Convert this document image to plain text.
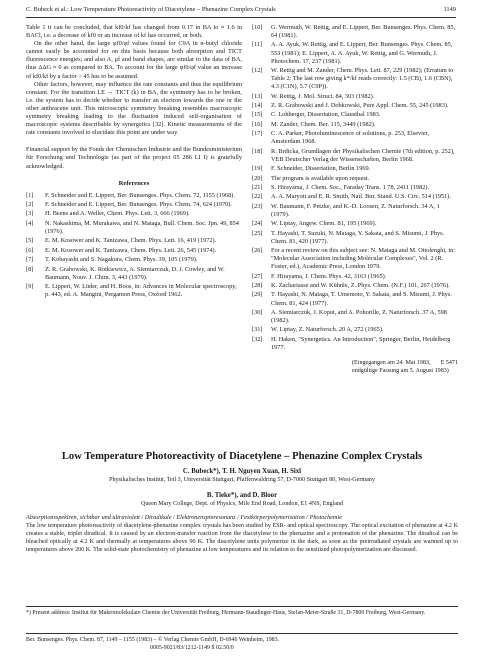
C. Bubeck et al.: Low Temperature Photoreactivity of Diacetylene – Phenazine Complex Crystals	1149

Table 1 it can be concluded, that kf0/kf has changed from 0.17 in BA to ≈ 1.6 in BACl, i.e. a decrease of kf0 or an increase of kf has occurred, or both.

On the other hand, the large φf0/φf values found for C9A in n-butyl chloride cannot easily be accounted for on this basis because both absorption and TICT fluorescence energies; and also A, μf and band shapes, are similar to the data of BA, thus ΔΔG ≈ 0 as compared to BA. To account for the large φf0/φf value an increase of kf0/kf by a factor > 45 has to be assumed.

Other factors, however, may influence the rate constants and thus the equilibrium constant. For the transition LE → TICT (k) in BA, the symmetry has to be broken, i.e. the system has to decide whether to transfer an electron towards the one or the other anthracene unit. This microscopic symmetry breaking resembles macroscopic symmetry breaking leading to the fluctuation induced self-organisation of macroscopic systems describable by synergetics [32]. Kinetic measurements of the rate constants involved to elucidate this point are under way.

Financial support by the Fonds der Chemischen Industrie and the Bundesministerium für Forschung und Technologie (as part of the project 05 286 LI I) is gratefully acknowledged.

References
[1] F. Schneider and E. Lippert, Ber. Bunsenges. Phys. Chem. 72, 1155 (1968).
[2] F. Schneider and E. Lippert, Ber. Bunsenges. Phys. Chem. 74, 624 (1970).
[3] H. Beens and A. Weller, Chem. Phys. Lett. 3, 666 (1969).
[4] N. Nakashima, M. Murakawa, and N. Mataga, Bull. Chem. Soc. Jpn. 49, 854 (1976).
[5] E. M. Kosower and K. Tanizawa, Chem. Phys. Lett. 16, 419 (1972).
[6] E. M. Kosower and K. Tanizawa, Chem. Phys. Lett. 26, 545 (1974).
[7] T. Kobayashi and S. Nagakura, Chem. Phys. 39, 105 (1979).
[8] Z. R. Grabowski, K. Rotkiewicz, A. Siemiarczuk, D. J. Cowley, and W. Baumann, Nouv. J. Chim. 3, 443 (1979).
[9] E. Lippert, W. Lüder, and H. Boos, in: Advances in Molecular spectroscopy, p. 443, ed. A. Mangini, Pergamon Press, Oxford 1962.
[10] G. Wermuth, W. Rettig, and E. Lippert, Ber. Bunsenges. Phys. Chem. 85, 64 (1981).
[11] A. A. Ayuk, W. Rettig, and E. Lippert, Ber. Bunsenges. Phys. Chem. 85, 553 (1981); E. Lippert, A. A. Ayuk, W. Rettig, and G. Wermuth, J. Photochem. 17, 237 (1981).
[12] W. Rettig and M. Zander, Chem. Phys. Lett. 87, 229 (1982); (Erratum to Table 2: The last row giving k*/kf reads correctly: 1.5 (CB), 1.6 (CBN), 4.3 (C1N), 5.7 (C9P)).
[13] W. Rettig, J. Mol. Struct. 84, 303 (1982).
[14] Z. R. Grabowski and J. Dobkowski, Pure Appl. Chem. 55, 245 (1983).
[15] C. Lohberger, Dissertation, Clausthal 1983.
[16] M. Zander, Chem. Ber. 115, 3449 (1982).
[17] C. A. Parker, Photoluminescence of solutions, p. 253, Elsevier, Amsterdam 1968.
[18] R. Brdicka, Grundlagen der Physikalischen Chemie (7th edition, p. 252), VEB Deutscher Verlag der Wissenschaften, Berlin 1968.
[19] F. Schneider, Dissertation, Berlin 1969.
[20] The program is available upon request.
[21] S. Hirayama, J. Chem. Soc., Faraday Trans. 1 78, 2411 (1982).
[22] A. A. Maryott and E. R. Smith, Natl. Bur. Stand. U.S. Circ. 514 (1951).
[23] W. Baumann, F. Petzke, and K.-D. Loosen, Z. Naturforsch. 34 A, 1 (1979).
[24] W. Liptay, Angew. Chem. 81, 195 (1969).
[25] T. Hayashi, T. Suzuki, N. Mataga, Y. Sakata, and S. Misumi, J. Phys. Chem. 81, 420 (1977).
[26] For a recent review on this subject see: N. Mataga and M. Ottolenghi, in: "Molecular Association including Molecular Complexes", Vol. 2 (R. Foster, ed.), Academic Press, London 1979.
[27] F. Hirayama, J. Chem. Phys. 42, 3163 (1965).
[28] K. Zachariasse and W. Kühnle, Z. Phys. Chem. (N.F.) 101, 267 (1976).
[29] T. Hayashi, N. Mataga, T. Umemoto, Y. Sakata, and S. Misumi, J. Phys. Chem. 81, 424 (1977).
[30] A. Siemiarczuk, J. Koput, and A. Pohorille, Z. Naturforsch. 37 A, 598 (1982).
[31] W. Liptay, Z. Naturforsch. 20 A, 272 (1965).
[32] H. Haken, "Synergetics. An Introduction", Springer, Berlin, Heidelberg 1977.
(Eingegangen am 24. Mai 1983,
endgültige Fassung am 5. August 1983)
E 5471
Low Temperature Photoreactivity of Diacetylene – Phenazine Complex Crystals
C. Bubeck*), T. H. Nguyen Xuan, H. Sixl
Physikalisches Institut, Teil 3, Universität Stuttgart, Pfaffenwaldring 57, D-7000 Stuttgart 80, West-Germany
B. Tieke*), and D. Bloor
Queen Mary College, Dept. of Physics, Mile End Road, London, E1 4NS, England
Absorptionsspektren, sichtbar und ultraviolett / Diradikale / Elektronenspinresonanz / Festkörperpolymerisation / Photochemie
The low temperature photoreactivity of diacetylene-phenazine complex crystals has been studied by ESR- and optical spectroscopy. The optical excitation of phenazine at 4.2 K creates a stable, triplet diradical. It is caused by an electron-transfer reaction from the diacetylene to the phenazine and a protonation of the phenazine. The diradical can be bleached optically at 4.2 K and thermally at temperatures above 90 K. The diacetylene units polymerize in the dark, as soon as the preirradiated crystals are warmed up to temperatures above 200 K. The solid-state photochemistry of phenazine at low temperatures and its relation to the sensitized photopolymerization are discussed.
*) Present address: Institut für Makromolekulare Chemie der Universität Freiburg, Hermann-Staudinger-Haus, Stefan-Meier-Straße 31, D-7800 Freiburg, West-Germany.
Ber. Bunsenges. Phys. Chem. 87, 1149 – 1155 (1983) – © Verlag Chemie GmbH, D-6940 Weinheim, 1983.
0005-9021/83/1212-1149 $ 02.50/0
